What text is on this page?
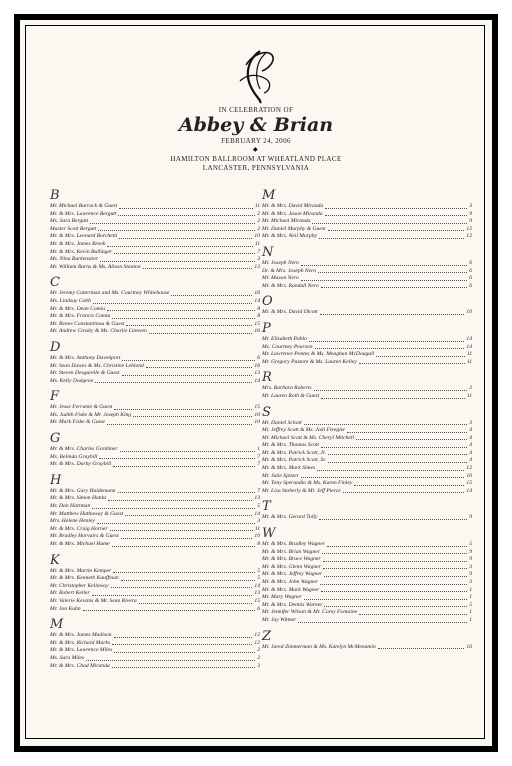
IN CELEBRATION OF
Abbey & Brian
FEBRUARY 24, 2006
◆
HAMILTON BALLROOM AT WHEATLAND PLACE
LANCASTER, PENNSYLVANIA
B
Mr. Michael Barrack & Guest	11
Mr. & Mrs. Lawrence Bergutt	2
Ms. Sara Bergutt	2
Master Scott Bergutt	2
Mr. & Mrs. Leonard Borchetti	10
Mr. & Mrs. James Brook	11
Mr. & Mrs. Kevin Bullinger	7
Ms. Nina Burkenstier	3
Mr. William Burns & Ms. Alison Stanton	13
C
Mr. Jeremy Catterman and Ms. Courtney Whitehouse	16
Ms. Lindsay Cobb	14
Mr. & Mrs. Dean Comia	8
Mr. & Mrs. Francis Comia	8
Mr. Renee Constantinou & Guest	15
Mr. Andrew Crosby & Ms. Charlie Lintwen	16
D
Mr. & Mrs. Anthony Davenport	6
Mr. Sean Dawes & Ms. Christine Leblond	16
Mr. Steven Desgurelle & Guest	13
Ms. Kelly Dodgeon	14
F
Mr. Jesse Ferrante & Guest	15
Ms. Judith Fiske & Mr. Joseph King	10
Mr. Mark Fiske & Guest	10
G
Mr. & Mrs. Charles Gordimer	1
Ms. Belinda Graybill	7
Mr. & Mrs. Darby Graybill	7
H
Mr. & Mrs. Gary Haldemann	7
Mr. & Mrs. Simon Hanks	13
Mr. Dan Hartman	5
Mr. Matthew Hathaway & Guest	14
Mrs. Helene Henley	3
Mr. & Mrs. Craig Horner	11
Mr. Bradley Horvairs & Guest	10
Mr. & Mrs. Michael Hume	8
K
Mr. & Mrs. Martin Kemper	5
Mr. & Mrs. Kenneth Kauffman	5
Mr. Christopher Kellaway	14
Mr. Robert Keller	13
Mr. Valerie Kessins & Mr. Sean Rivera	15
Mr. Jon Kuhn	6
M
Mr. & Mrs. James Madison	12
Mr. & Mrs. Richard Marks	12
Mr. & Mrs. Lawrence Miles	2
Ms. Sara Miles	2
Mr. & Mrs. Chad Miranda	3
M
Mr. & Mrs. David Miranda	3
Mr. & Mrs. Jason Miranda	9
Mr. Michael Miranda	9
Mr. Daniel Murphy & Guest	12
Mr. & Mrs. Neil Murphy	12
N
Mr. Joseph Nero	6
Dr. & Mrs. Joseph Nero	6
Mr. Mason Nero	6
Mr. & Mrs. Randall Nero	6
O
Mr. & Mrs. David Olcott	10
P
Mr. Elizabeth Pablo	14
Ms. Courtney Pearson	14
Mr. Lawrence Pontes & Ms. Meaghan McDougall	11
Mr. Gregory Pastore & Ms. Lauren Kelley	11
R
Mrs. Barbara Roberts	2
Mr. Lauren Roth & Guest	11
S
Mr. Daniel Schott	3
Mr. Jeffrey Scott & Ms. Jodi Fleegler	4
Mr. Michael Scott & Ms. Cheryl Mitchell	4
Mr. & Mrs. Thomas Scott	4
Mr. & Mrs. Patrick Scott, Jr.	4
Mr. & Mrs. Patrick Scott, Sr.	4
Mr. & Mrs. Mark Simes	12
Mr. Julie Spitzer	16
Mr. Tony Sperandio & Ms. Karen Finley	15
Mr. Lisa Stoberly & Mr. Jeff Pierce	14
T
Mr. & Mrs. Gerard Tully	9
W
Mr. & Mrs. Bradley Wagner	5
Mr. & Mrs. Brian Wagner	9
Mr. & Mrs. Bruce Wagner	9
Mr. & Mrs. Glenn Wagner	3
Mr. & Mrs. Jeffrey Wagner	9
Mr. & Mrs. John Wagner	3
Mr. & Mrs. Mark Wagner	1
Mr. Mary Wagner	1
Mr. & Mrs. Dennis Warner	5
Mr. Jennifer Wilson & Mr. Corey Fontaine	1
Mr. Jay Witmer	1
Z
Mr. Jared Zimmerman & Ms. Katelyn McMenamin	16
